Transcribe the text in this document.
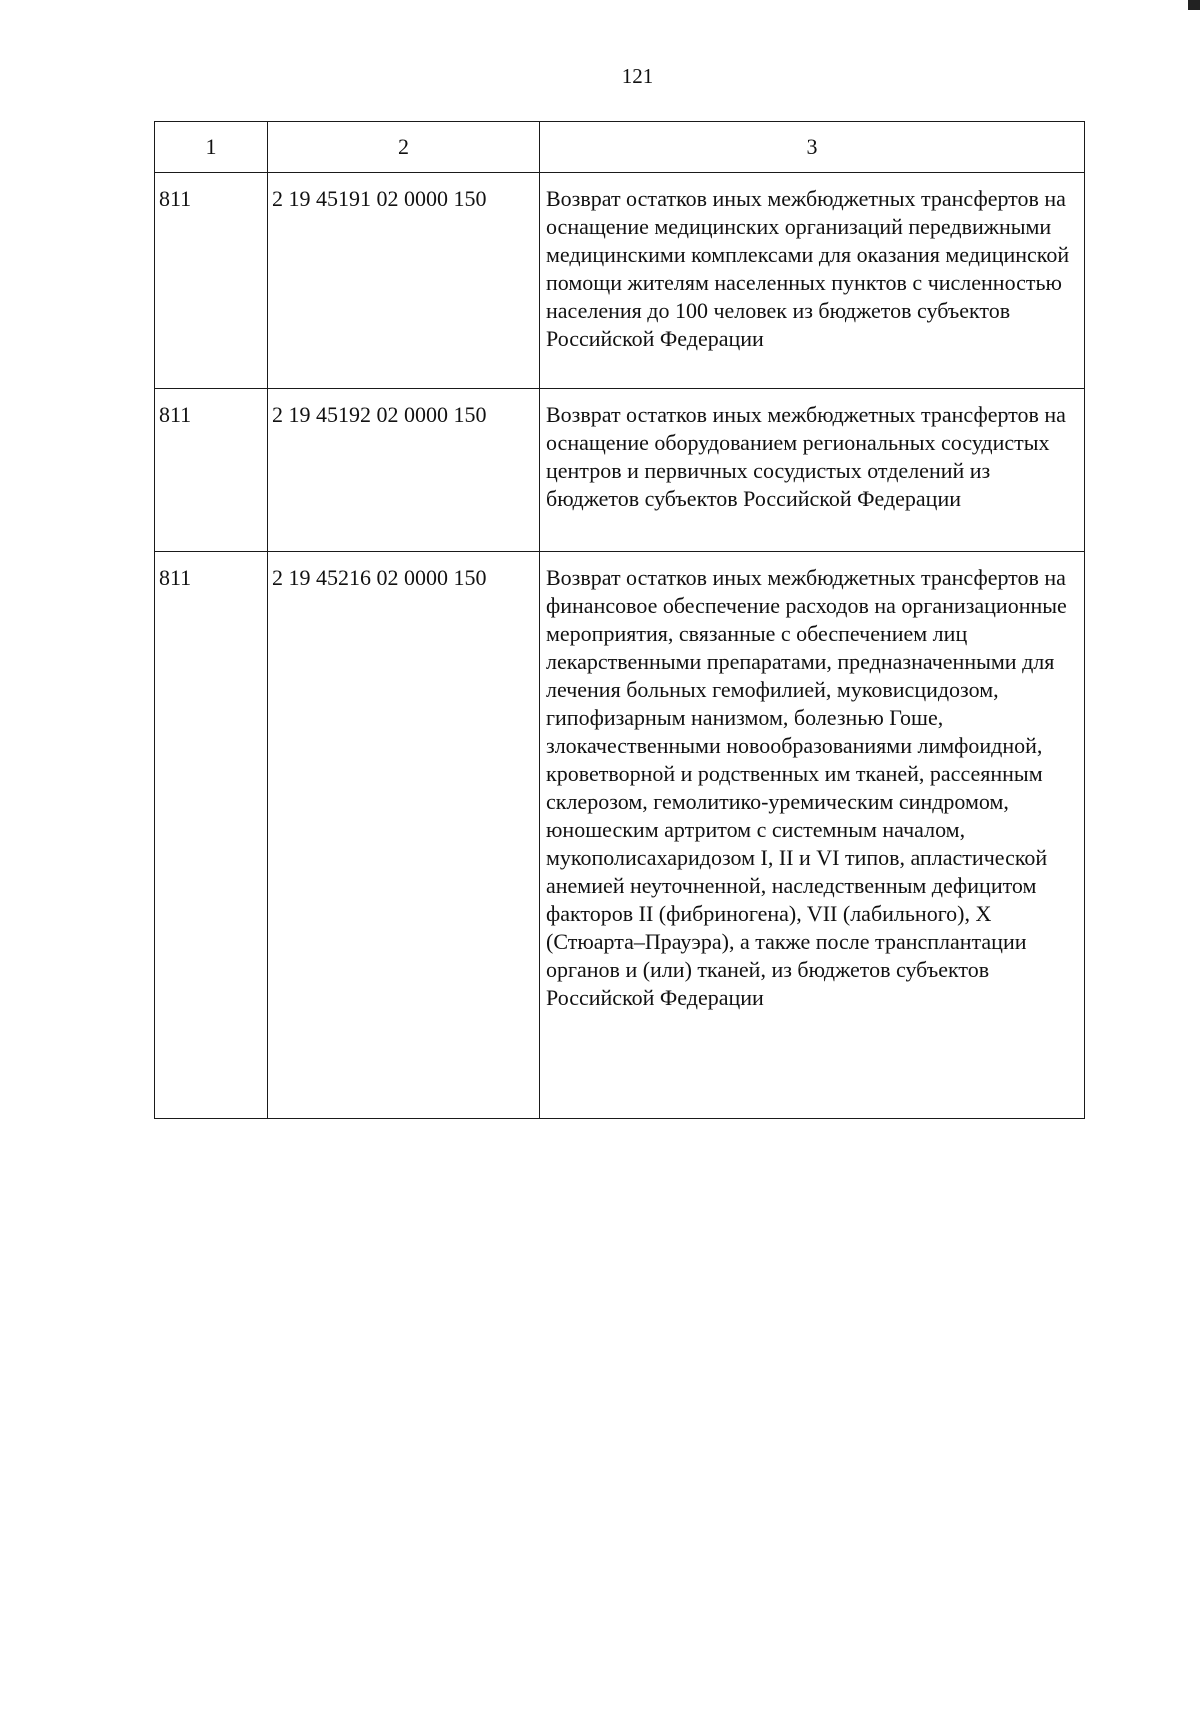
121
1	2	3
811	2 19 45191 02 0000 150	Возврат остатков иных межбюджетных трансфертов на оснащение медицинских организаций передвижными медицинскими комплексами для оказания медицинской помощи жителям населенных пунктов с численностью населения до 100 человек из бюджетов субъектов Российской Федерации
811	2 19 45192 02 0000 150	Возврат остатков иных межбюджетных трансфертов на оснащение оборудованием региональных сосудистых центров и первичных сосудистых отделений из бюджетов субъектов Российской Федерации
811	2 19 45216 02 0000 150	Возврат остатков иных межбюджетных трансфертов на финансовое обеспечение расходов на организационные мероприятия, связанные с обеспечением лиц лекарственными препаратами, предназначенными для лечения больных гемофилией, муковисцидозом, гипофизарным нанизмом, болезнью Гоше, злокачественными новообразованиями лимфоидной, кроветворной и родственных им тканей, рассеянным склерозом, гемолитико-уремическим синдромом, юношеским артритом с системным началом, мукополисахаридозом I, II и VI типов, апластической анемией неуточненной, наследственным дефицитом факторов II (фибриногена), VII (лабильного), X (Стюарта–Прауэра), а также после трансплантации органов и (или) тканей, из бюджетов субъектов Российской Федерации
